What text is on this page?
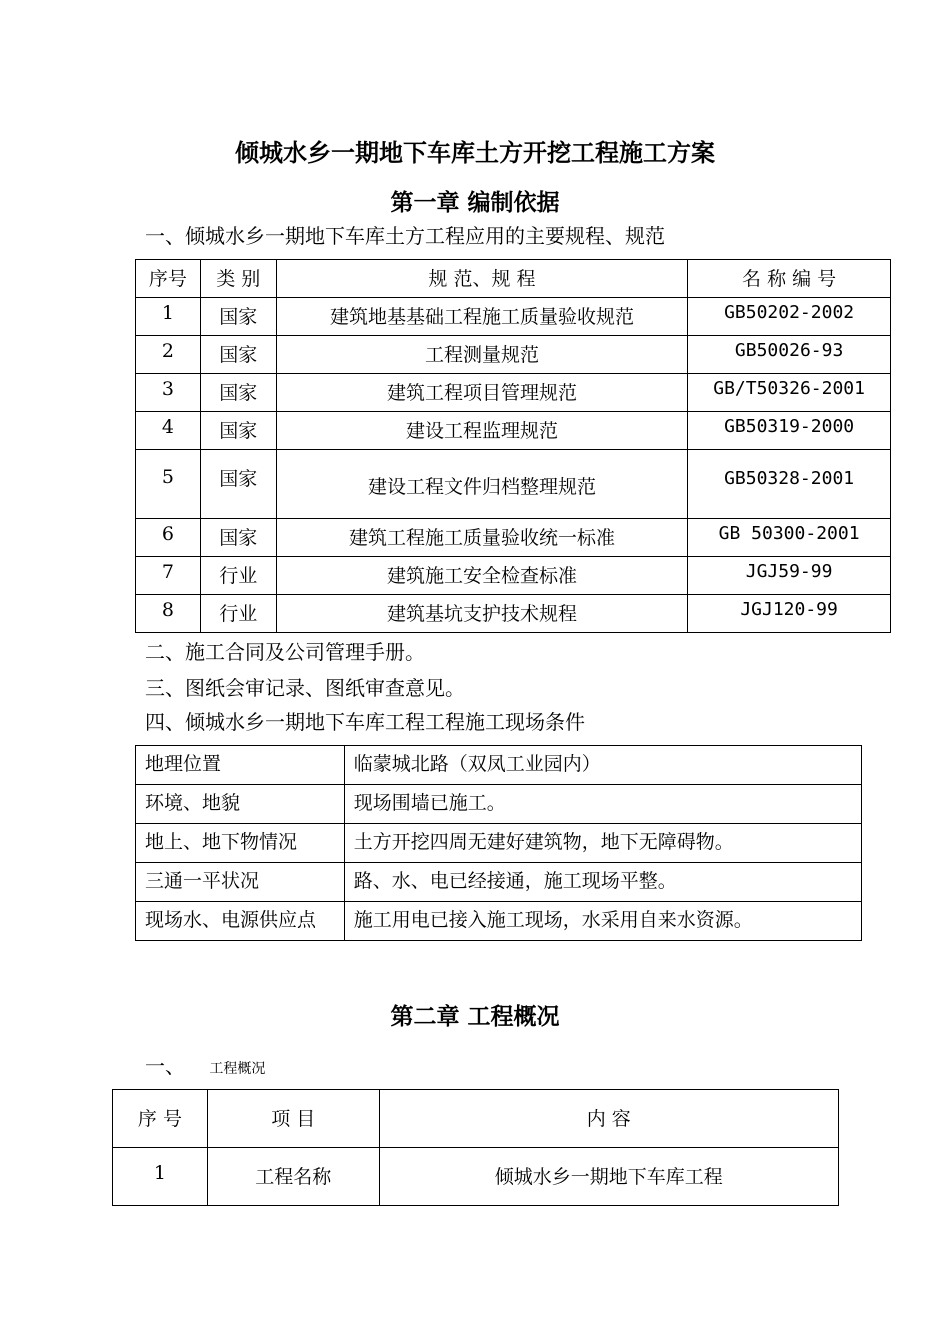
倾城水乡一期地下车库土方开挖工程施工方案
第一章 编制依据
一、倾城水乡一期地下车库土方工程应用的主要规程、规范
序号	类 别	规 范、规 程	名 称 编 号
1	国家	建筑地基基础工程施工质量验收规范	GB50202-2002
2	国家	工程测量规范	GB50026-93
3	国家	建筑工程项目管理规范	GB/T50326-2001
4	国家	建设工程监理规范	GB50319-2000
5	国家	建设工程文件归档整理规范	GB50328-2001
6	国家	建筑工程施工质量验收统一标准	GB 50300-2001
7	行业	建筑施工安全检查标准	JGJ59-99
8	行业	建筑基坑支护技术规程	JGJ120-99
二、施工合同及公司管理手册。
三、图纸会审记录、图纸审查意见。
四、倾城水乡一期地下车库工程工程施工现场条件
地理位置	临蒙城北路（双凤工业园内）
环境、地貌	现场围墙已施工。
地上、地下物情况	土方开挖四周无建好建筑物，地下无障碍物。
三通一平状况	路、水、电已经接通，施工现场平整。
现场水、电源供应点	施工用电已接入施工现场，水采用自来水资源。
第二章 工程概况
一、 工程概况
序 号	项 目	内 容
1	工程名称	倾城水乡一期地下车库工程
